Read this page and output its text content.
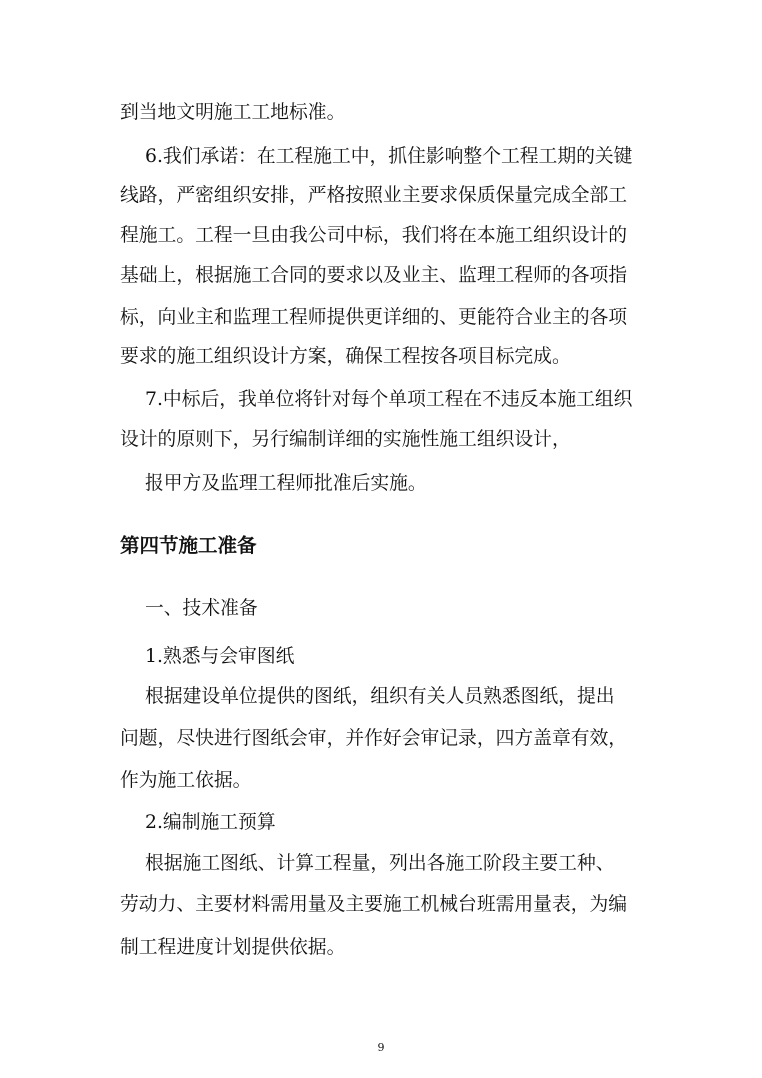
到当地文明施工工地标准。
6.我们承诺：在工程施工中，抓住影响整个工程工期的关键
线路，严密组织安排，严格按照业主要求保质保量完成全部工
程施工。工程一旦由我公司中标，我们将在本施工组织设计的
基础上，根据施工合同的要求以及业主、监理工程师的各项指
标，向业主和监理工程师提供更详细的、更能符合业主的各项
要求的施工组织设计方案，确保工程按各项目标完成。
7.中标后，我单位将针对每个单项工程在不违反本施工组织
设计的原则下，另行编制详细的实施性施工组织设计，
报甲方及监理工程师批准后实施。
第四节施工准备
一、技术准备
1.熟悉与会审图纸
根据建设单位提供的图纸，组织有关人员熟悉图纸，提出
问题，尽快进行图纸会审，并作好会审记录，四方盖章有效，
作为施工依据。
2.编制施工预算
根据施工图纸、计算工程量，列出各施工阶段主要工种、
劳动力、主要材料需用量及主要施工机械台班需用量表，为编
制工程进度计划提供依据。
9
